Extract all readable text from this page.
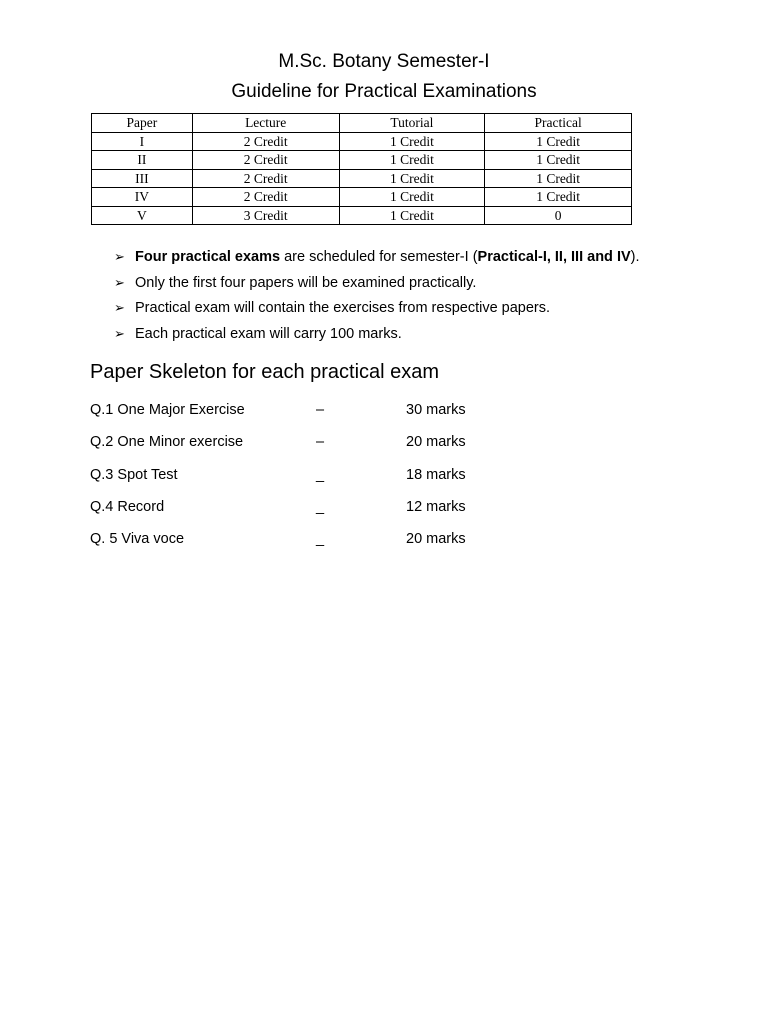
M.Sc. Botany Semester-I
Guideline for Practical Examinations
Paper	Lecture	Tutorial	Practical
I	2 Credit	1 Credit	1 Credit
II	2 Credit	1 Credit	1 Credit
III	2 Credit	1 Credit	1 Credit
IV	2 Credit	1 Credit	1 Credit
V	3 Credit	1 Credit	0
➢ Four practical exams are scheduled for semester-I (Practical-I, II, III and IV).
➢ Only the first four papers will be examined practically.
➢ Practical exam will contain the exercises from respective papers.
➢ Each practical exam will carry 100 marks.
Paper Skeleton for each practical exam
Q.1 One Major Exercise	–	30 marks
Q.2 One Minor exercise	–	20 marks
Q.3 Spot Test	_	18 marks
Q.4 Record	_	12 marks
Q. 5 Viva voce	_	20 marks
